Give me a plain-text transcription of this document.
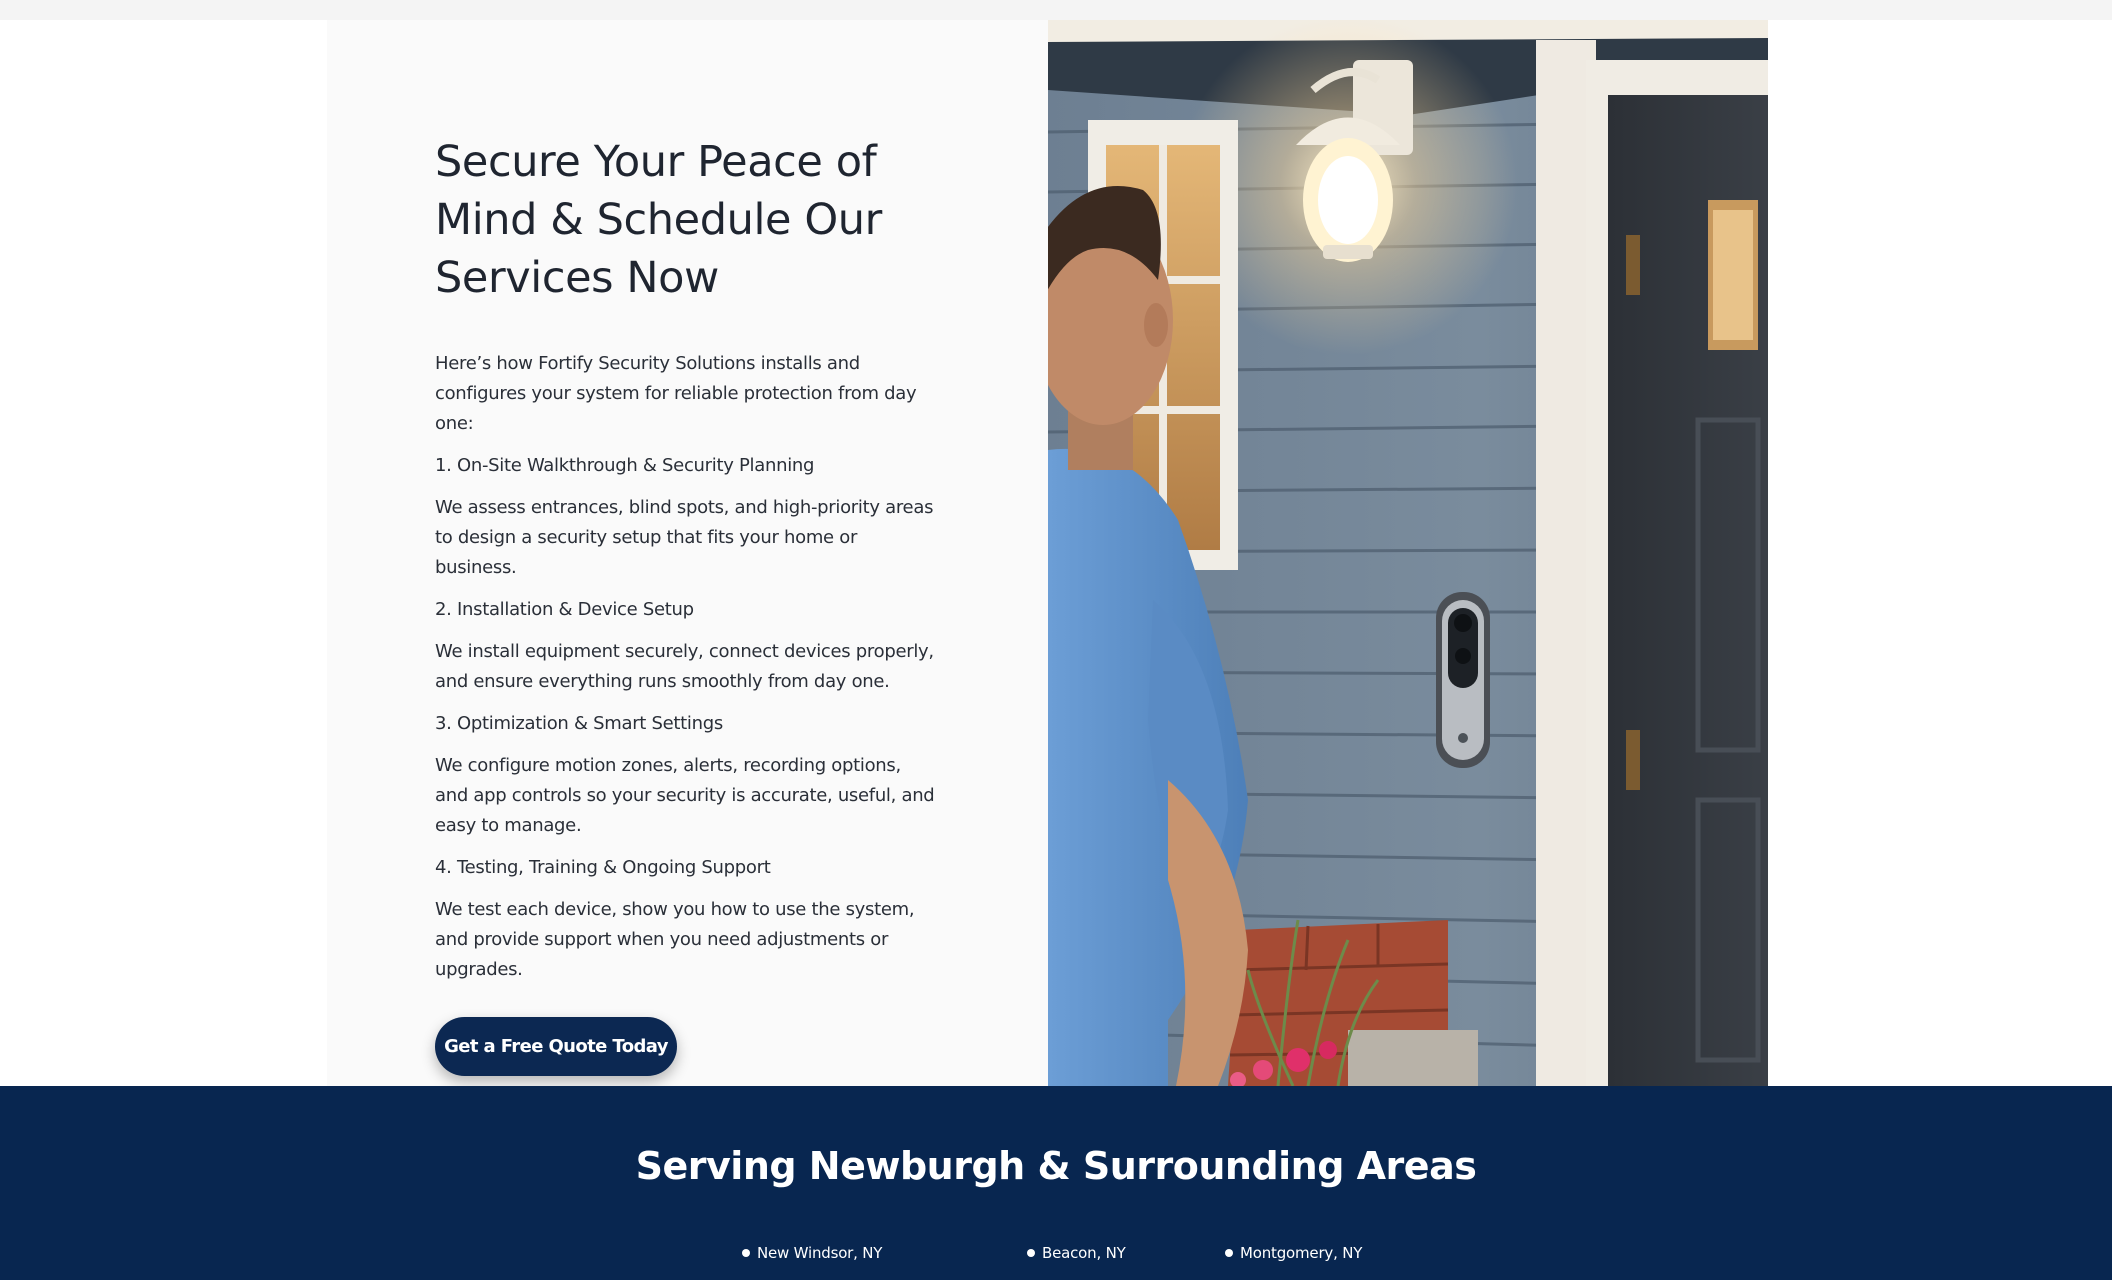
Secure Your Peace of Mind & Schedule Our Services Now

Here’s how Fortify Security Solutions installs and configures your system for reliable protection from day one:

1. On-Site Walkthrough & Security Planning

We assess entrances, blind spots, and high-priority areas to design a security setup that fits your home or business.

2. Installation & Device Setup

We install equipment securely, connect devices properly, and ensure everything runs smoothly from day one.

3. Optimization & Smart Settings

We configure motion zones, alerts, recording options, and app controls so your security is accurate, useful, and easy to manage.

4. Testing, Training & Ongoing Support

We test each device, show you how to use the system, and provide support when you need adjustments or upgrades.

Get a Free Quote Today
Serving Newburgh & Surrounding Areas
New Windsor, NY	Beacon, NY	Montgomery, NY
